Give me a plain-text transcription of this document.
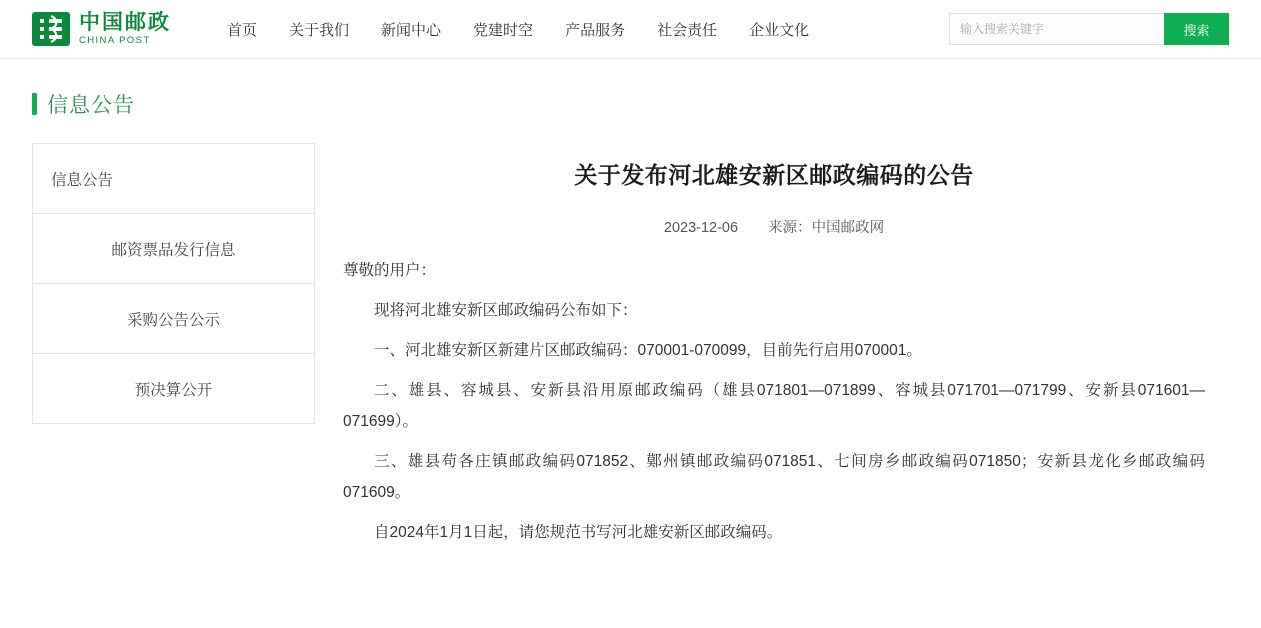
中国邮政
CHINA POST
首页	关于我们	新闻中心	党建时空	产品服务	社会责任	企业文化
输入搜索关键字	搜索
信息公告
信息公告
邮资票品发行信息
采购公告公示
预决算公开
关于发布河北雄安新区邮政编码的公告
2023-12-06 来源：中国邮政网

尊敬的用户：

现将河北雄安新区邮政编码公布如下：

一、河北雄安新区新建片区邮政编码：070001-070099，目前先行启用070001。

二、雄县、容城县、安新县沿用原邮政编码（雄县071801—071899、容城县071701—071799、安新县071601—071699）。

三、雄县苟各庄镇邮政编码071852、鄚州镇邮政编码071851、七间房乡邮政编码071850；安新县龙化乡邮政编码071609。

自2024年1月1日起，请您规范书写河北雄安新区邮政编码。
